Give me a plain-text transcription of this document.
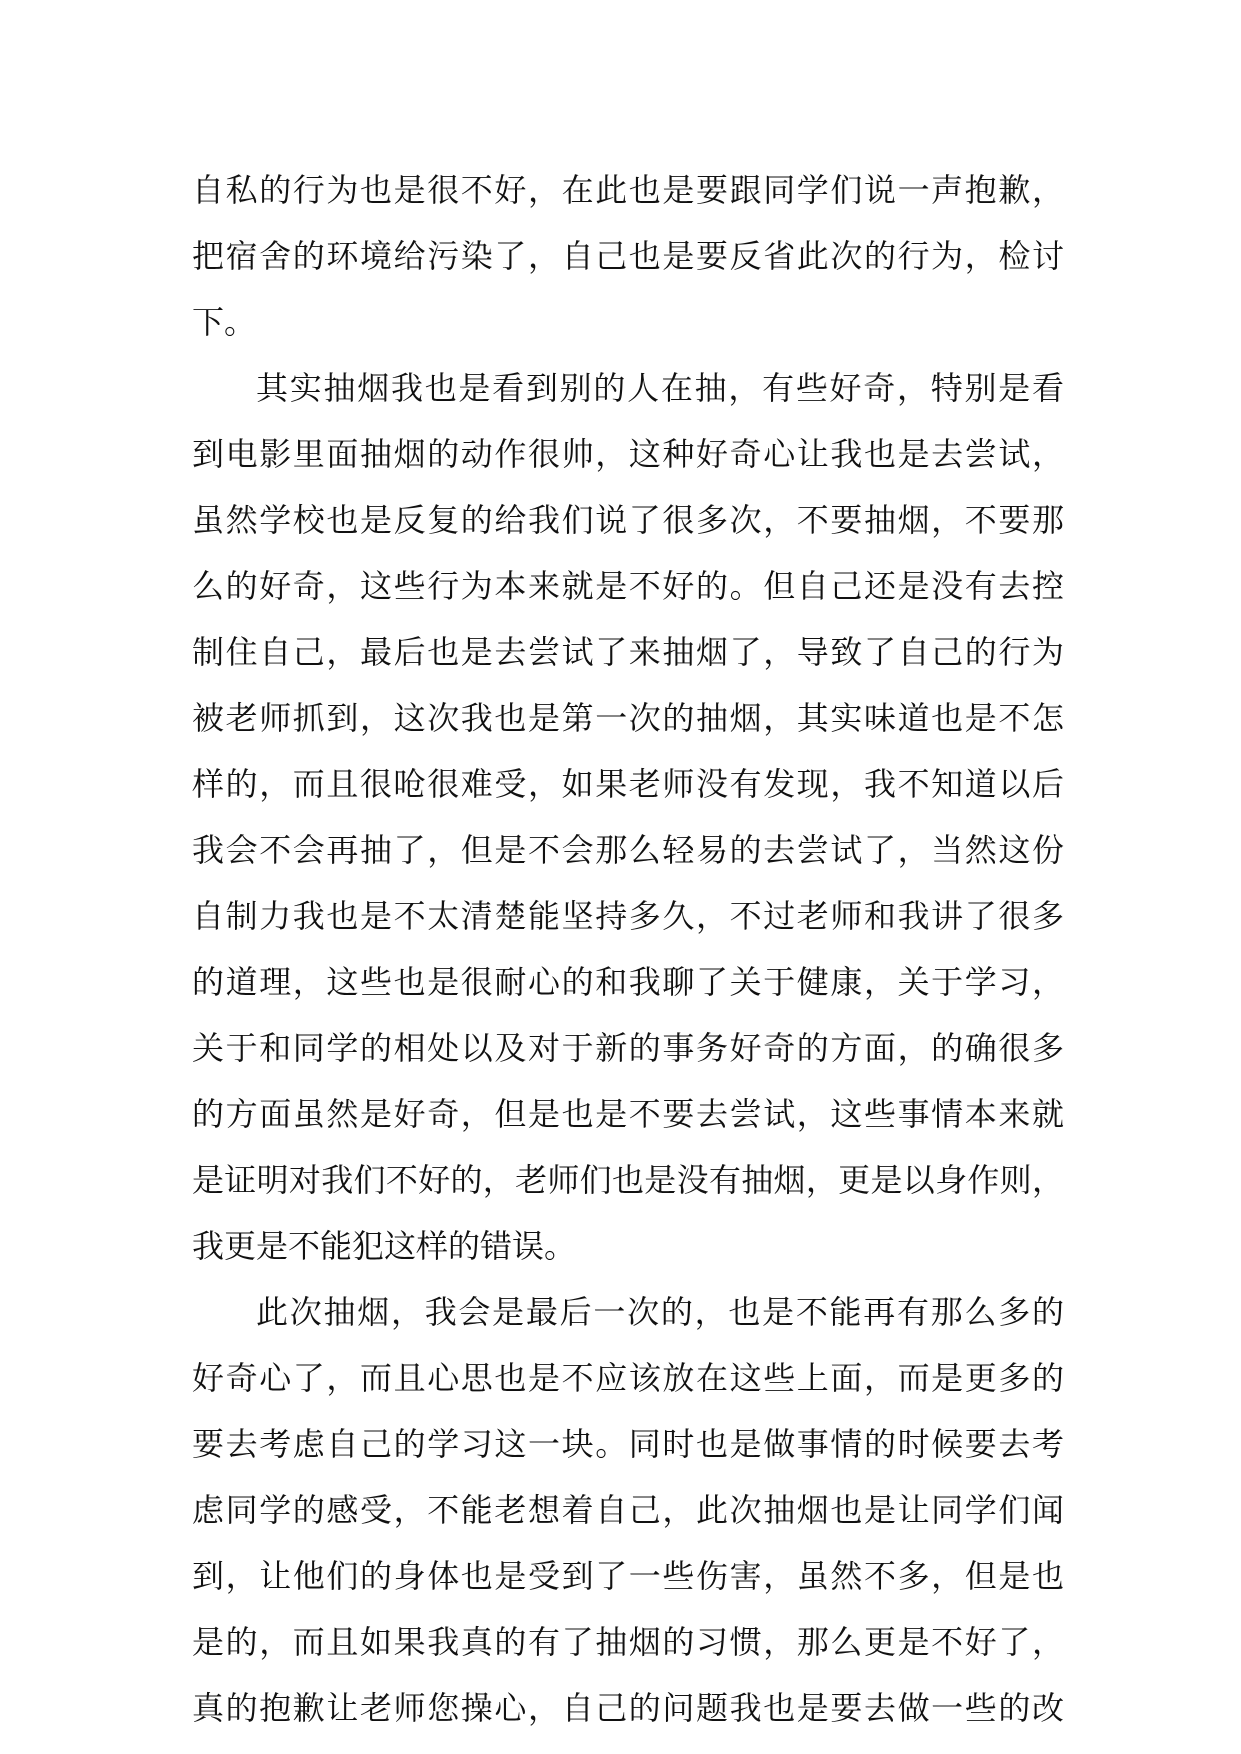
自私的行为也是很不好，在此也是要跟同学们说一声抱歉，
把宿舍的环境给污染了，自己也是要反省此次的行为，检讨
下。
其实抽烟我也是看到别的人在抽，有些好奇，特别是看
到电影里面抽烟的动作很帅，这种好奇心让我也是去尝试，
虽然学校也是反复的给我们说了很多次，不要抽烟，不要那
么的好奇，这些行为本来就是不好的。但自己还是没有去控
制住自己，最后也是去尝试了来抽烟了，导致了自己的行为
被老师抓到，这次我也是第一次的抽烟，其实味道也是不怎
样的，而且很呛很难受，如果老师没有发现，我不知道以后
我会不会再抽了，但是不会那么轻易的去尝试了，当然这份
自制力我也是不太清楚能坚持多久，不过老师和我讲了很多
的道理，这些也是很耐心的和我聊了关于健康，关于学习，
关于和同学的相处以及对于新的事务好奇的方面，的确很多
的方面虽然是好奇，但是也是不要去尝试，这些事情本来就
是证明对我们不好的，老师们也是没有抽烟，更是以身作则，
我更是不能犯这样的错误。
此次抽烟，我会是最后一次的，也是不能再有那么多的
好奇心了，而且心思也是不应该放在这些上面，而是更多的
要去考虑自己的学习这一块。同时也是做事情的时候要去考
虑同学的感受，不能老想着自己，此次抽烟也是让同学们闻
到，让他们的身体也是受到了一些伤害，虽然不多，但是也
是的，而且如果我真的有了抽烟的习惯，那么更是不好了，
真的抱歉让老师您操心，自己的问题我也是要去做一些的改
